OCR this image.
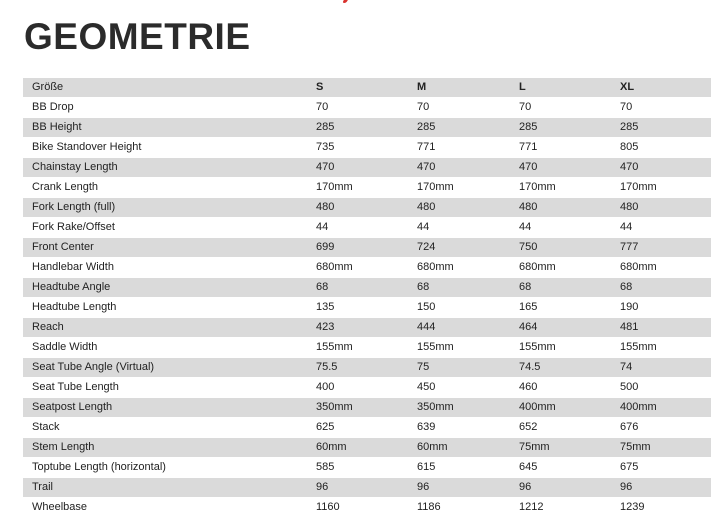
GEOMETRIE
Größe	S	M	L	XL
BB Drop	70	70	70	70
BB Height	285	285	285	285
Bike Standover Height	735	771	771	805
Chainstay Length	470	470	470	470
Crank Length	170mm	170mm	170mm	170mm
Fork Length (full)	480	480	480	480
Fork Rake/Offset	44	44	44	44
Front Center	699	724	750	777
Handlebar Width	680mm	680mm	680mm	680mm
Headtube Angle	68	68	68	68
Headtube Length	135	150	165	190
Reach	423	444	464	481
Saddle Width	155mm	155mm	155mm	155mm
Seat Tube Angle (Virtual)	75.5	75	74.5	74
Seat Tube Length	400	450	460	500
Seatpost Length	350mm	350mm	400mm	400mm
Stack	625	639	652	676
Stem Length	60mm	60mm	75mm	75mm
Toptube Length (horizontal)	585	615	645	675
Trail	96	96	96	96
Wheelbase	1160	1186	1212	1239
